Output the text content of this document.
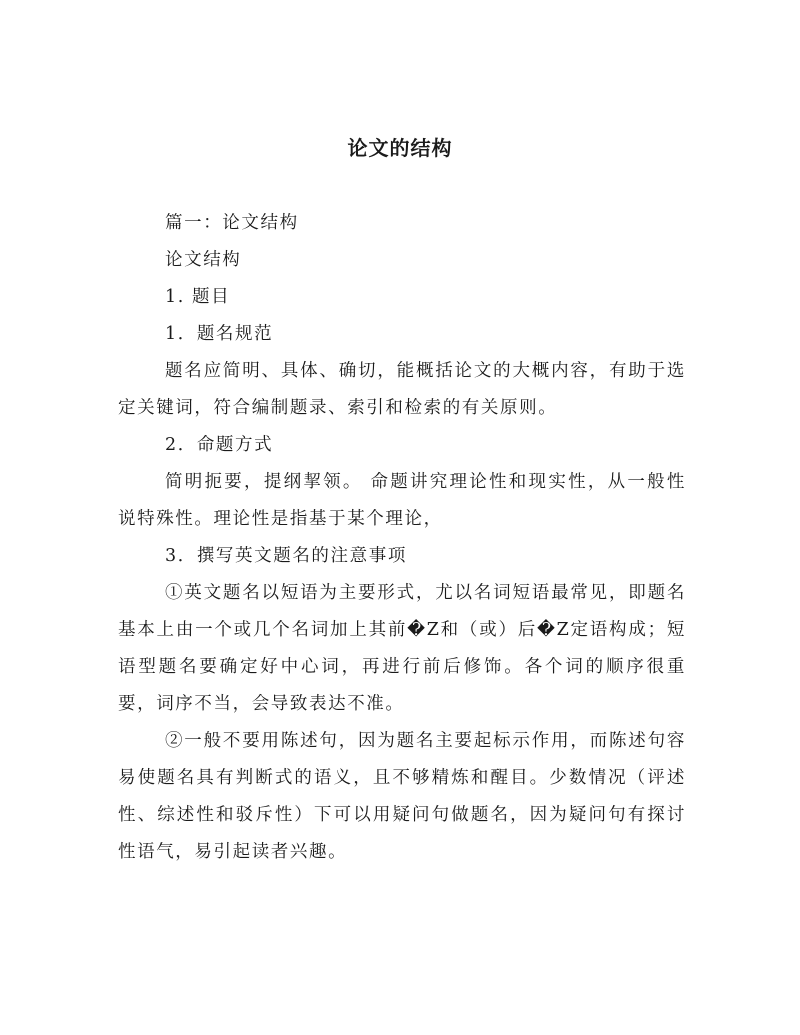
论文的结构

篇一：论文结构

论文结构

1. 题目

1．题名规范

题名应简明、具体、确切，能概括论文的大概内容，有助于选定关键词，符合编制题录、索引和检索的有关原则。

2．命题方式

简明扼要，提纲挈领。 命题讲究理论性和现实性，从一般性说特殊性。理论性是指基于某个理论，

3．撰写英文题名的注意事项

①英文题名以短语为主要形式，尤以名词短语最常见，即题名基本上由一个或几个名词加上其前�Z和（或）后�Z定语构成；短语型题名要确定好中心词，再进行前后修饰。各个词的顺序很重要，词序不当，会导致表达不准。

②一般不要用陈述句，因为题名主要起标示作用，而陈述句容易使题名具有判断式的语义，且不够精炼和醒目。少数情况（评述性、综述性和驳斥性）下可以用疑问句做题名，因为疑问句有探讨性语气，易引起读者兴趣。
